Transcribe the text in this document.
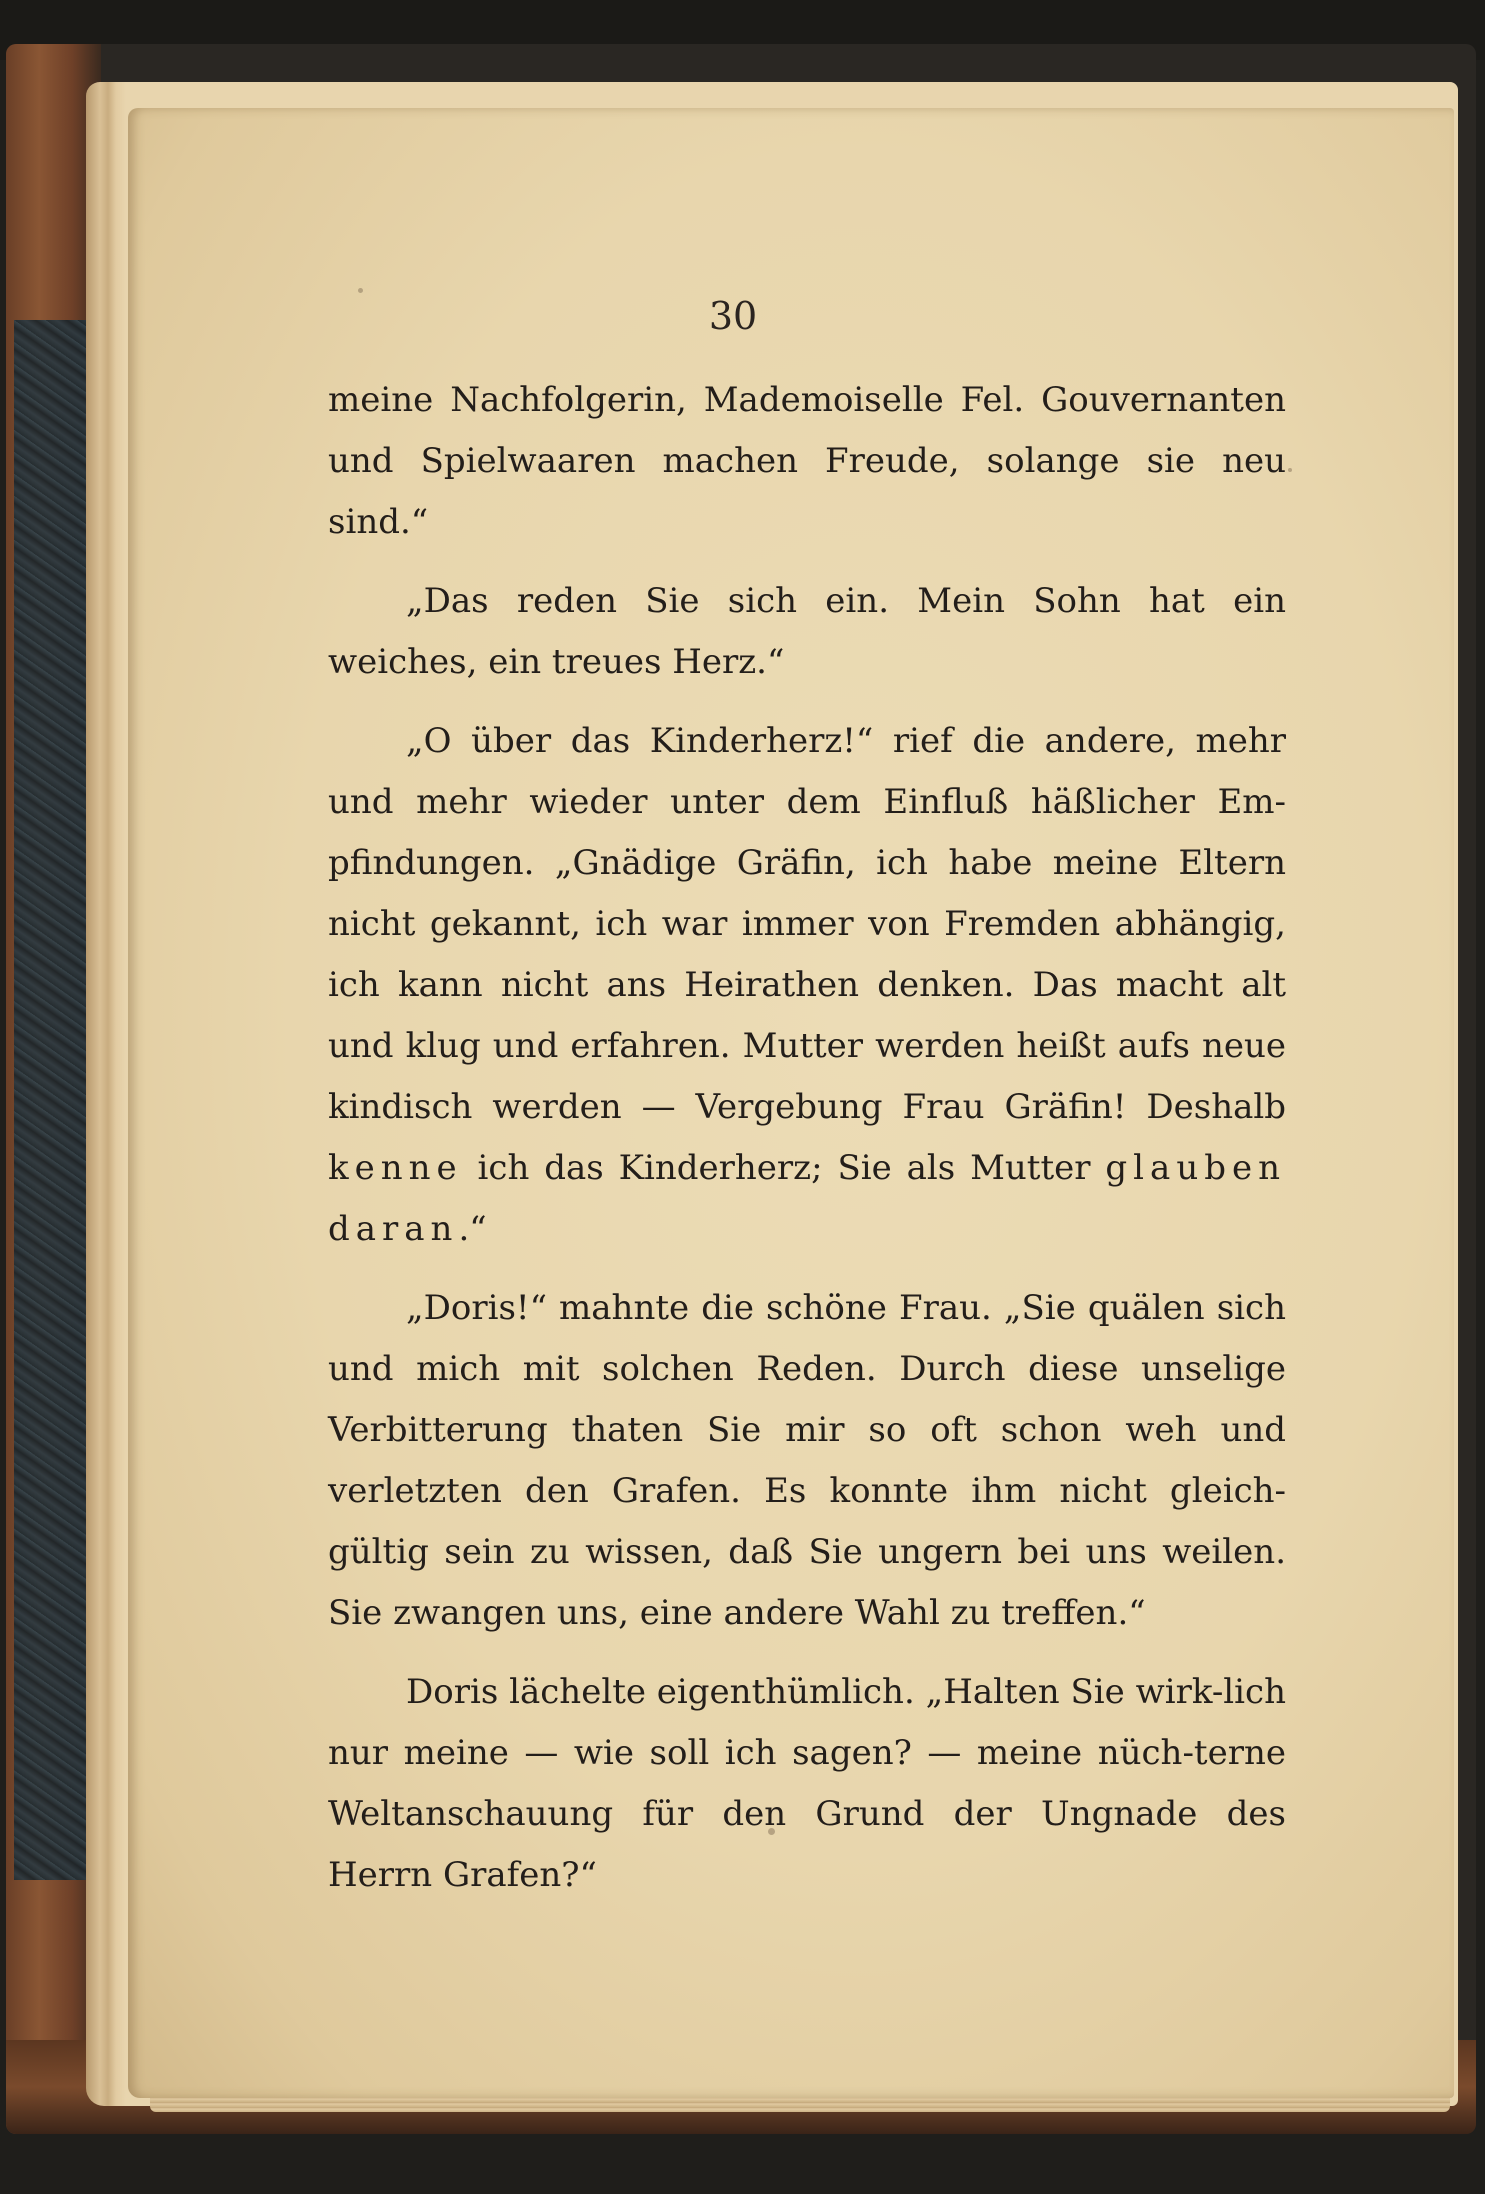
30

meine Nachfolgerin, Mademoiselle Fel. Gouvernanten und Spielwaaren machen Freude, solange sie neu sind.“

„Das reden Sie sich ein. Mein Sohn hat ein weiches, ein treues Herz.“

„O über das Kinderherz!“ rief die andere, mehr und mehr wieder unter dem Einfluß häßlicher Em-pfindungen. „Gnädige Gräfin, ich habe meine Eltern nicht gekannt, ich war immer von Fremden abhängig, ich kann nicht ans Heirathen denken. Das macht alt und klug und erfahren. Mutter werden heißt aufs neue kindisch werden — Vergebung Frau Gräfin! Deshalb kenne ich das Kinderherz; Sie als Mutter glauben daran.“

„Doris!“ mahnte die schöne Frau. „Sie quälen sich und mich mit solchen Reden. Durch diese unselige Verbitterung thaten Sie mir so oft schon weh und verletzten den Grafen. Es konnte ihm nicht gleich-gültig sein zu wissen, daß Sie ungern bei uns weilen. Sie zwangen uns, eine andere Wahl zu treffen.“

Doris lächelte eigenthümlich. „Halten Sie wirk-lich nur meine — wie soll ich sagen? — meine nüch-terne Weltanschauung für den Grund der Ungnade des Herrn Grafen?“
